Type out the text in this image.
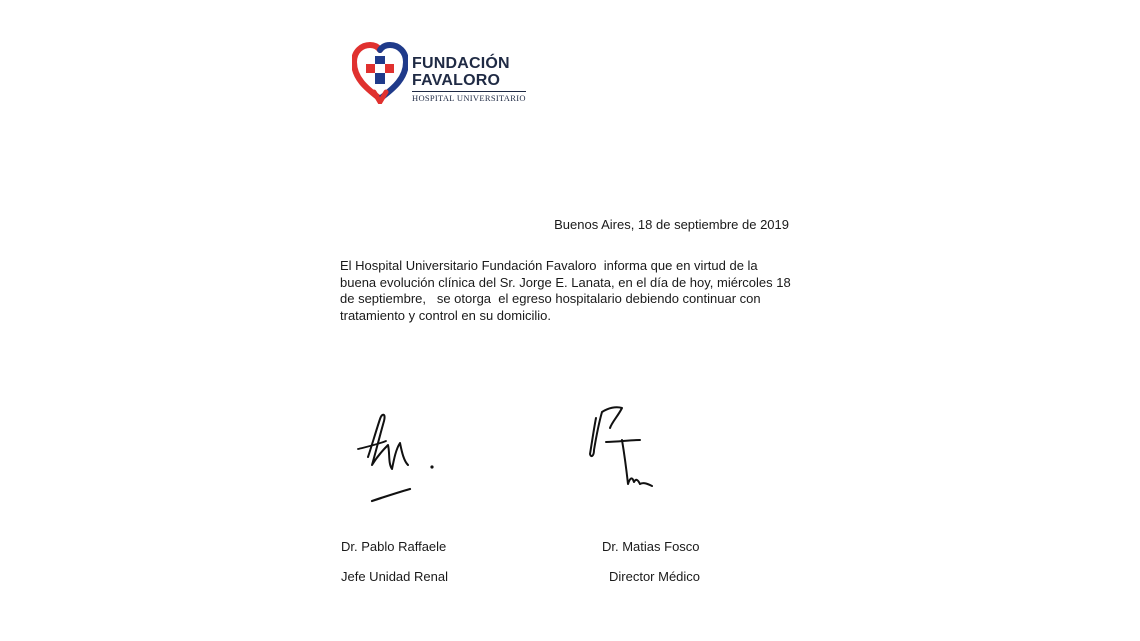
FUNDACIÓN
FAVALORO
HOSPITAL UNIVERSITARIO
Buenos Aires, 18 de septiembre de 2019
El Hospital Universitario Fundación Favaloro  informa que en virtud de la
buena evolución clínica del Sr. Jorge E. Lanata, en el día de hoy, miércoles 18
de septiembre,   se otorga  el egreso hospitalario debiendo continuar con
tratamiento y control en su domicilio.
Dr. Pablo Raffaele	Dr. Matias Fosco
Jefe Unidad Renal	Director Médico
